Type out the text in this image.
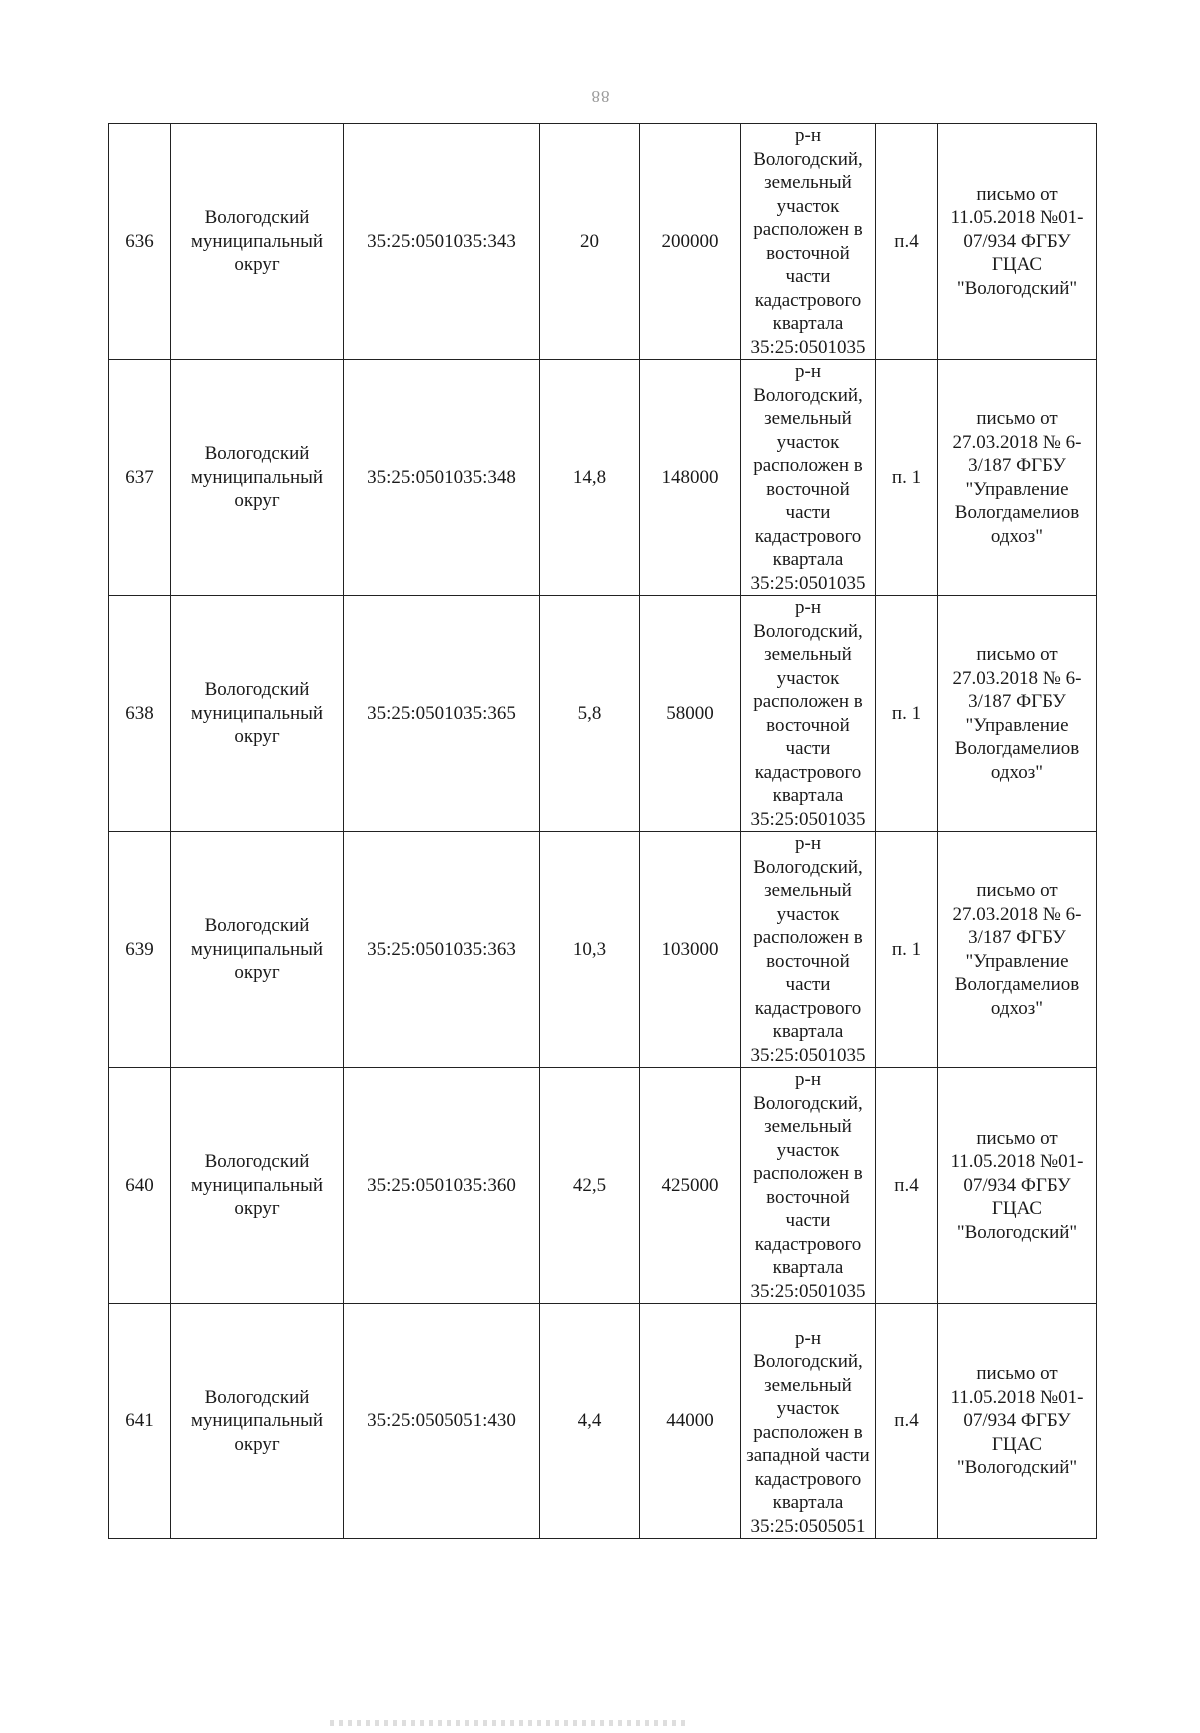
88
636	Вологодский муниципальный округ	35:25:0501035:343	20	200000	р-н Вологодский, земельный участок расположен в восточной части кадастрового квартала 35:25:0501035	п.4	письмо от 11.05.2018 №01-07/934 ФГБУ ГЦАС "Вологодский"
637	Вологодский муниципальный округ	35:25:0501035:348	14,8	148000	р-н Вологодский, земельный участок расположен в восточной части кадастрового квартала 35:25:0501035	п. 1	письмо от 27.03.2018 № 6-3/187 ФГБУ "Управление Вологдамелиов одхоз"
638	Вологодский муниципальный округ	35:25:0501035:365	5,8	58000	р-н Вологодский, земельный участок расположен в восточной части кадастрового квартала 35:25:0501035	п. 1	письмо от 27.03.2018 № 6-3/187 ФГБУ "Управление Вологдамелиов одхоз"
639	Вологодский муниципальный округ	35:25:0501035:363	10,3	103000	р-н Вологодский, земельный участок расположен в восточной части кадастрового квартала 35:25:0501035	п. 1	письмо от 27.03.2018 № 6-3/187 ФГБУ "Управление Вологдамелиов одхоз"
640	Вологодский муниципальный округ	35:25:0501035:360	42,5	425000	р-н Вологодский, земельный участок расположен в восточной части кадастрового квартала 35:25:0501035	п.4	письмо от 11.05.2018 №01-07/934 ФГБУ ГЦАС "Вологодский"
641	Вологодский муниципальный округ	35:25:0505051:430	4,4	44000	р-н Вологодский, земельный участок расположен в западной части кадастрового квартала 35:25:0505051	п.4	письмо от 11.05.2018 №01-07/934 ФГБУ ГЦАС "Вологодский"
